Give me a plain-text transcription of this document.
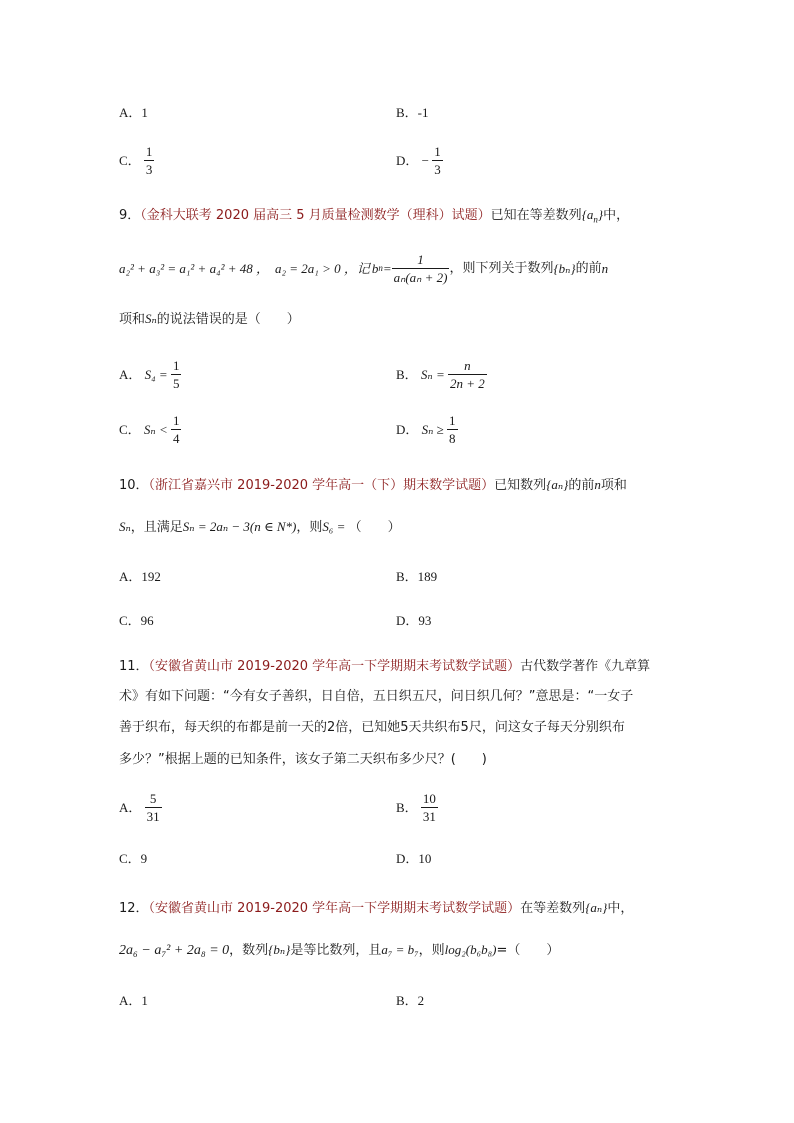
A．1	B．-1
C． $\frac{1}{3}$	D． − $\frac{1}{3}$
9．（金科大联考 2020 届高三 5 月质量检测数学（理科）试题）已知在等差数列$\{a_n\}$中，
a₂² + a₃² = a₁² + a₄² + 48 ， a₂ = 2a₁ > 0 ，记 b $n = \frac{1}{\text{aₙ(aₙ + 2)}}$ ，则下列关于数列 {bₙ} 的前 n
项和Sₙ的说法错误的是（　　）
A． $S_4 = \frac{1}{5}$	B． $S_n = \frac{n}{2n + 2}$
C． $S_n < \frac{1}{4}$	D． $S_n \ge \frac{1}{8}$
10．（浙江省嘉兴市 2019-2020 学年高一（下）期末数学试题）已知数列{aₙ}的前n项和
Sₙ，且满足Sₙ = 2aₙ − 3(n ∈ N*)，则S₆ = （　　）
A．192	B．189
C．96	D．93
11．（安徽省黄山市 2019-2020 学年高一下学期期末考试数学试题）古代数学著作《九章算
术》有如下问题：“今有女子善织，日自倍，五日织五尺，问日织几何？”意思是：“一女子
善于织布，每天织的布都是前一天的2倍，已知她5天共织布5尺，问这女子每天分别织布
多少？”根据上题的已知条件，该女子第二天织布多少尺？(　　)
A． $\frac{5}{31}$	B． $\frac{10}{31}$
C．9	D．10
12．（安徽省黄山市 2019-2020 学年高一下学期期末考试数学试题）在等差数列{aₙ}中，
2a₆ − a₇² + 2a₈ = 0，数列{bₙ}是等比数列，且a₇ = b₇，则log₂(b₆b₈)=（　　）
A．1	B．2
